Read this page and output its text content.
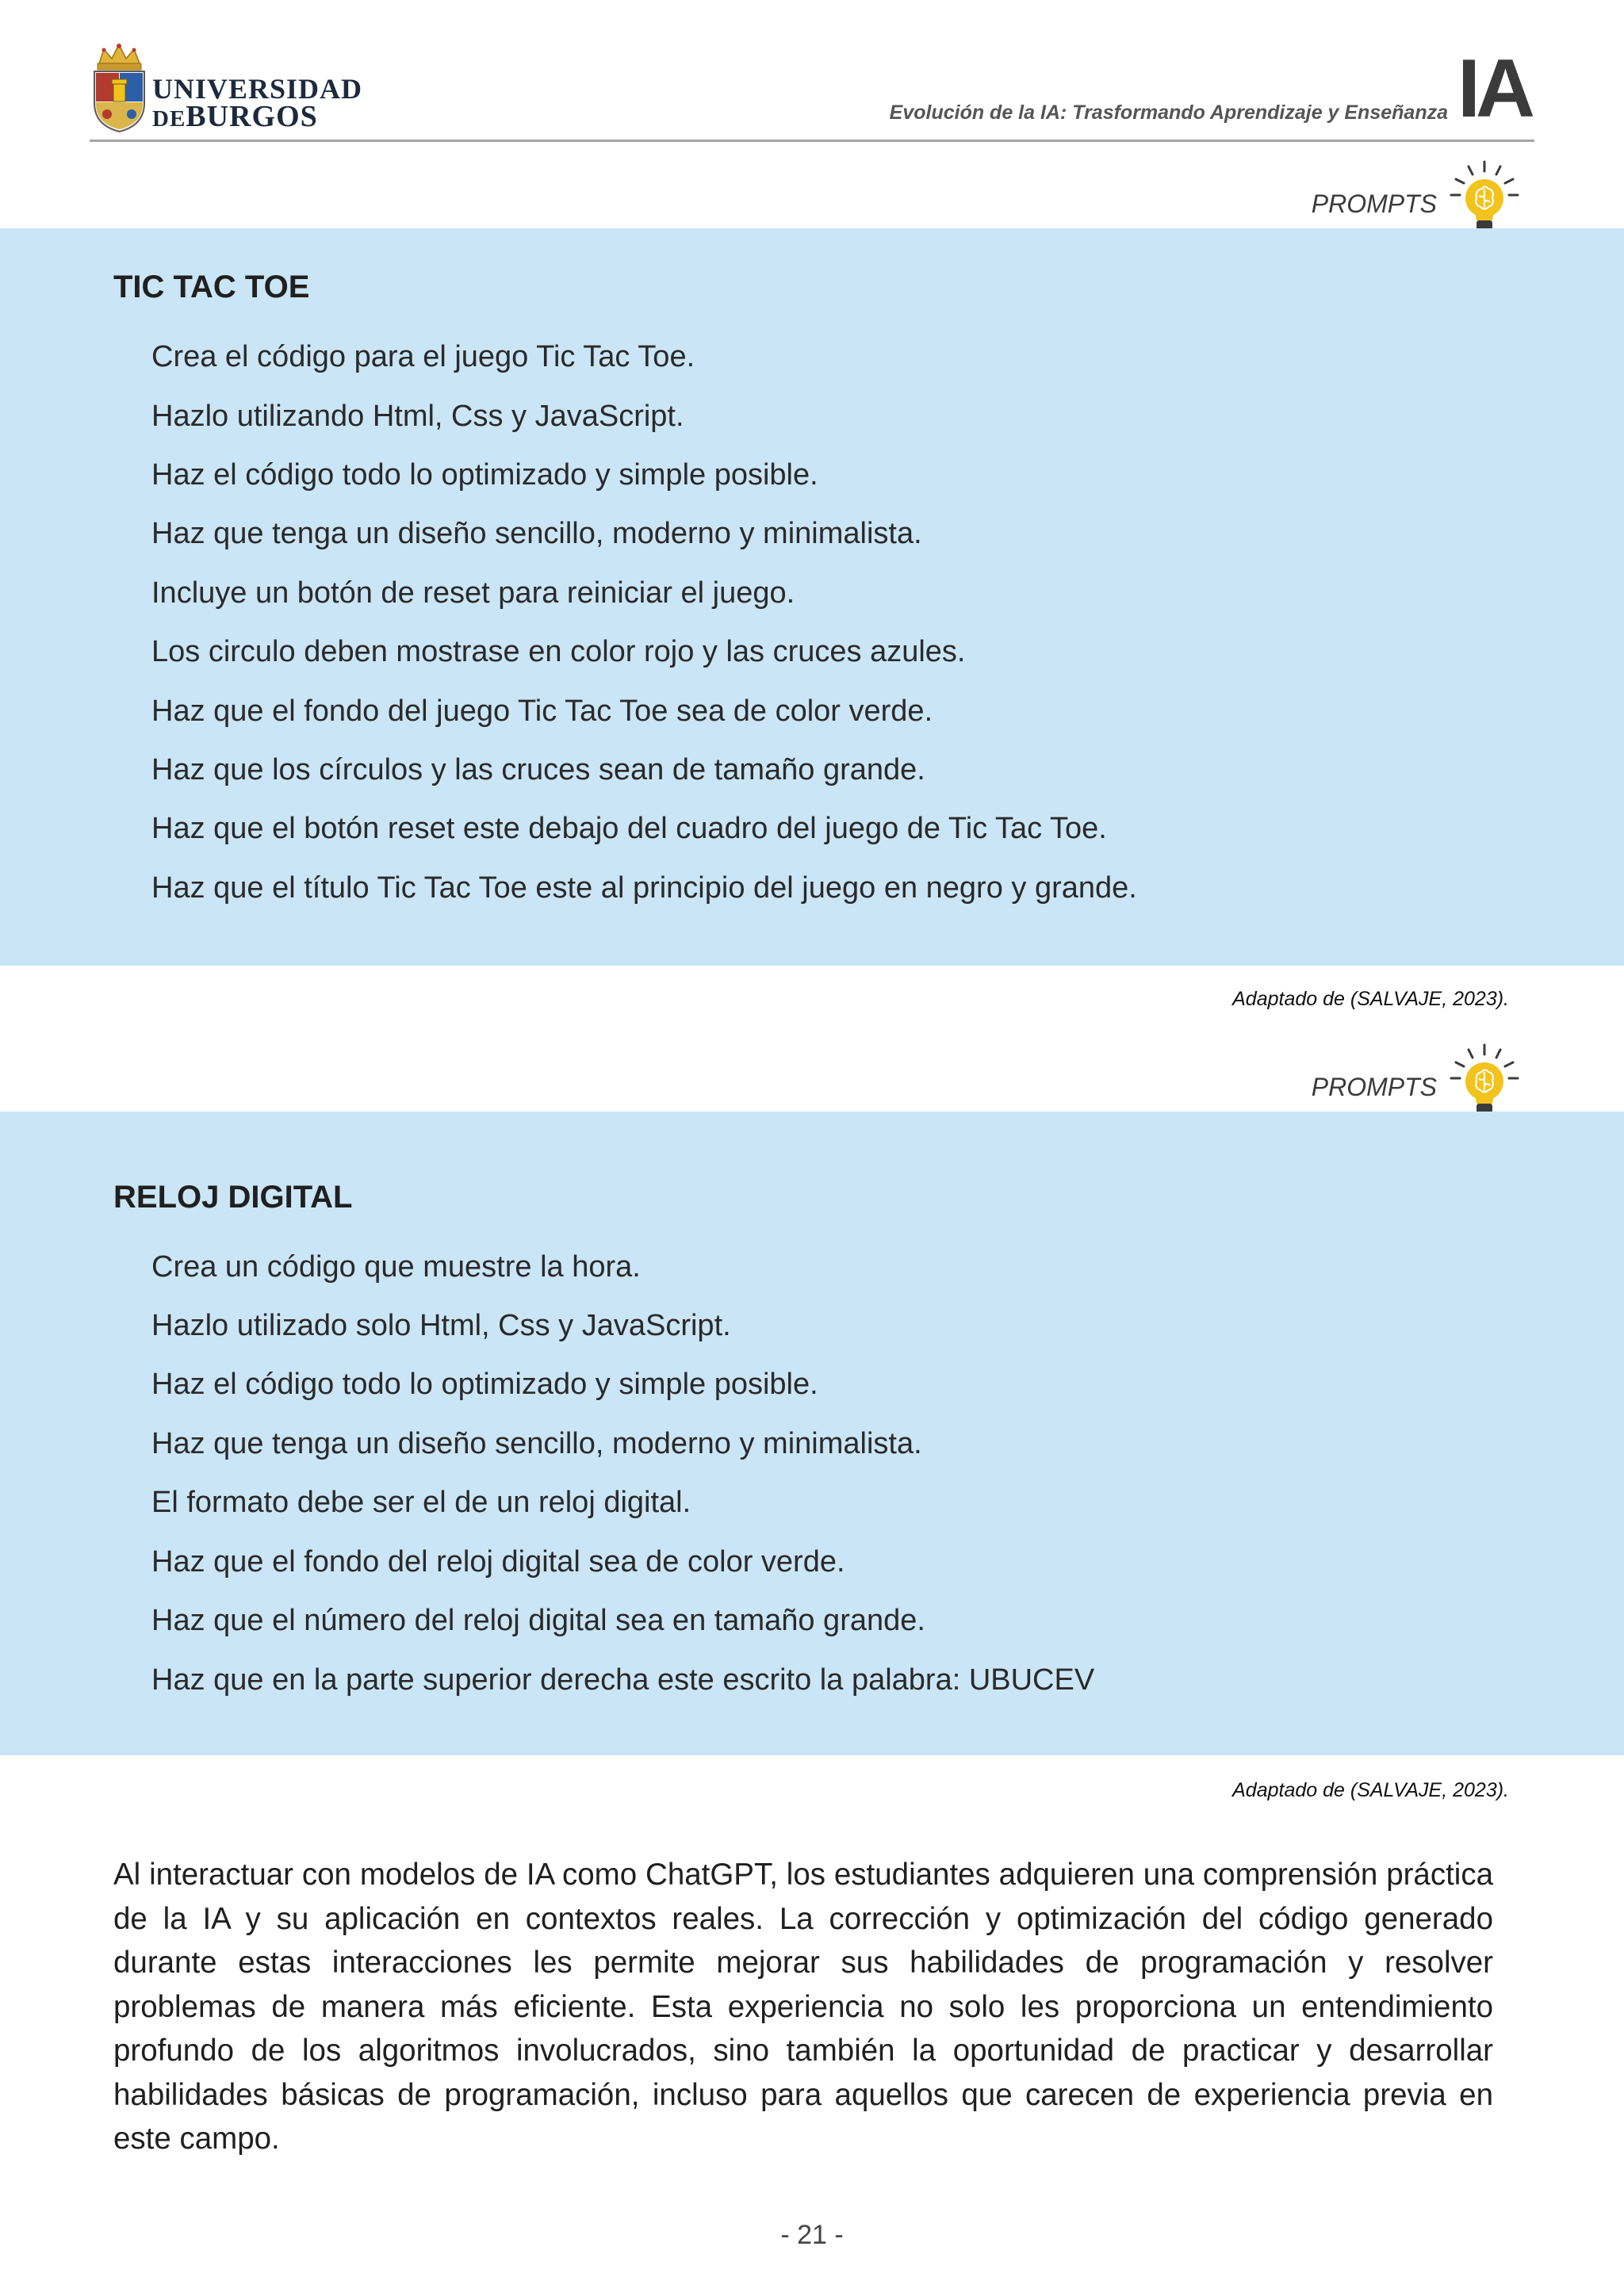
UNIVERSIDAD
DEBURGOS	Evolución de la IA: Trasformando Aprendizaje y Enseñanza IA
PROMPTS
TIC TAC TOE
Crea el código para el juego Tic Tac Toe.
Hazlo utilizando Html, Css y JavaScript.
Haz el código todo lo optimizado y simple posible.
Haz que tenga un diseño sencillo, moderno y minimalista.
Incluye un botón de reset para reiniciar el juego.
Los circulo deben mostrase en color rojo y las cruces azules.
Haz que el fondo del juego Tic Tac Toe sea de color verde.
Haz que los círculos y las cruces sean de tamaño grande.
Haz que el botón reset este debajo del cuadro del juego de Tic Tac Toe.
Haz que el título Tic Tac Toe este al principio del juego en negro y grande.
Adaptado de (SALVAJE, 2023).
PROMPTS
RELOJ DIGITAL
Crea un código que muestre la hora.
Hazlo utilizado solo Html, Css y JavaScript.
Haz el código todo lo optimizado y simple posible.
Haz que tenga un diseño sencillo, moderno y minimalista.
El formato debe ser el de un reloj digital.
Haz que el fondo del reloj digital sea de color verde.
Haz que el número del reloj digital sea en tamaño grande.
Haz que en la parte superior derecha este escrito la palabra: UBUCEV
Adaptado de (SALVAJE, 2023).
Al interactuar con modelos de IA como ChatGPT, los estudiantes adquieren una comprensión práctica de la IA y su aplicación en contextos reales. La corrección y optimización del código generado durante estas interacciones les permite mejorar sus habilidades de programación y resolver problemas de manera más eficiente. Esta experiencia no solo les proporciona un entendimiento profundo de los algoritmos involucrados, sino también la oportunidad de practicar y desarrollar habilidades básicas de programación, incluso para aquellos que carecen de experiencia previa en este campo.
- 21 -
